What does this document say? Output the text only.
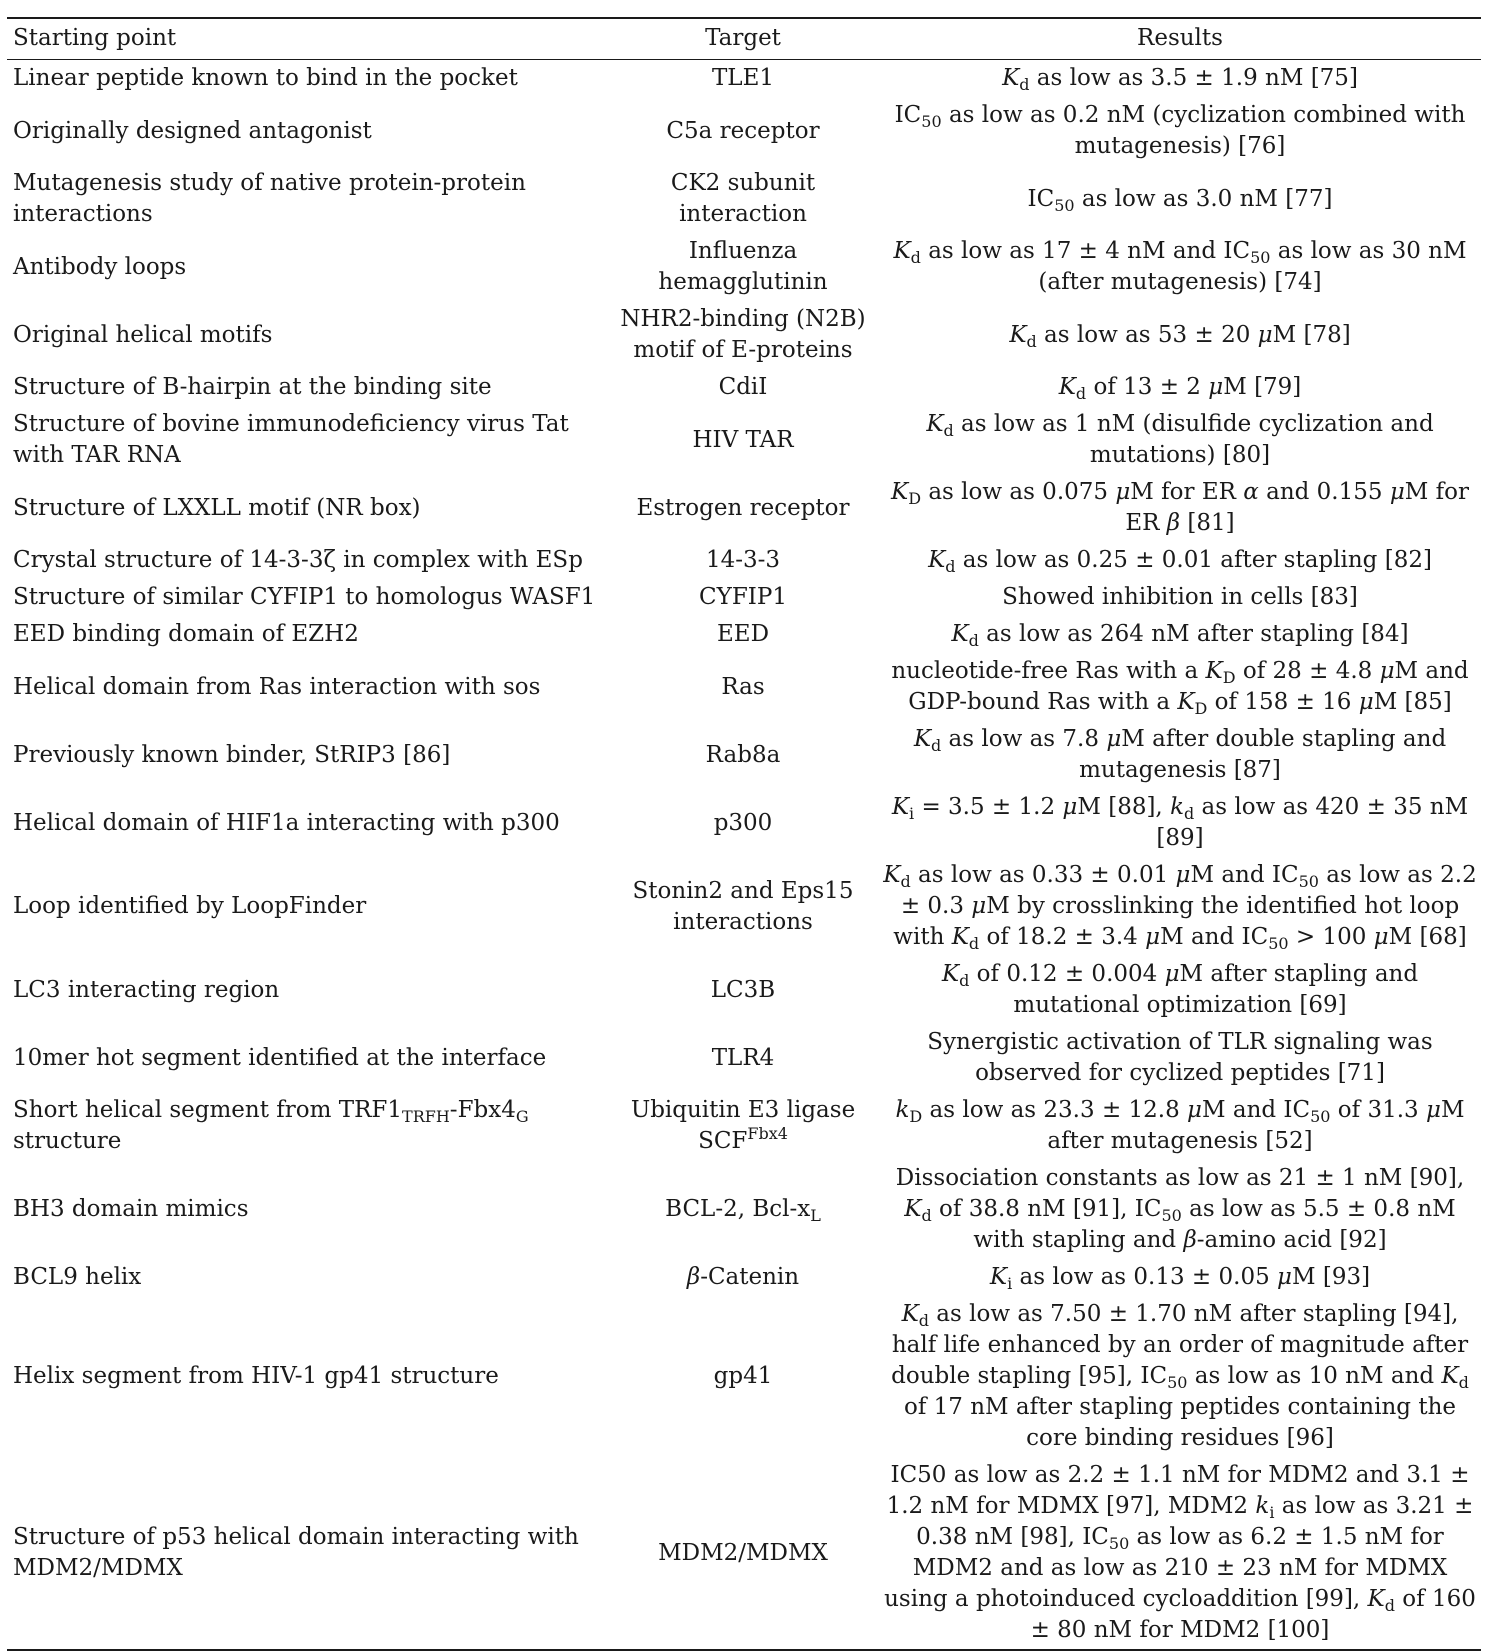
Starting point	Target	Results
Linear peptide known to bind in the pocket	TLE1	$K_d$ as low as 3.5 ± 1.9 nM [75]
Originally designed antagonist	C5a receptor	$IC_{50}$ as low as 0.2 nM (cyclization combined with mutagenesis) [76]
Mutagenesis study of native protein-protein interactions	CK2 subunit interaction	$IC_{50}$ as low as 3.0 nM [77]
Antibody loops	Influenza hemagglutinin	$K_d$ as low as 17 ± 4 nM and $IC_{50}$ as low as 30 nM (after mutagenesis) [74]
Original helical motifs	NHR2-binding (N2B) motif of E-proteins	$K_d$ as low as 53 ± 20 μM [78]
Structure of B-hairpin at the binding site	CdiI	$K_d$ of 13 ± 2 μM [79]
Structure of bovine immunodeficiency virus Tat with TAR RNA	HIV TAR	$K_d$ as low as 1 nM (disulfide cyclization and mutations) [80]
Structure of LXXLL motif (NR box)	Estrogen receptor	$K_D$ as low as 0.075 μM for ER α and 0.155 μM for ER β [81]
Crystal structure of 14-3-3ζ in complex with ESp	14-3-3	$K_d$ as low as 0.25 ± 0.01 after stapling [82]
Structure of similar CYFIP1 to homologus WASF1	CYFIP1	Showed inhibition in cells [83]
EED binding domain of EZH2	EED	$K_d$ as low as 264 nM after stapling [84]
Helical domain from Ras interaction with sos	Ras	nucleotide-free Ras with a $K_D$ of 28 ± 4.8 μM and GDP-bound Ras with a $K_D$ of 158 ± 16 μM [85]
Previously known binder, StRIP3 [86]	Rab8a	$K_d$ as low as 7.8 μM after double stapling and mutagenesis [87]
Helical domain of HIF1a interacting with p300	p300	$K_i = 3.5 \pm 1.2$ μM [88], $k_d$ as low as 420 ± 35 nM [89]
Loop identified by LoopFinder	Stonin2 and Eps15 interactions	$K_d$ as low as 0.33 ± 0.01 μM and $IC_{50}$ as low as 2.2 ± 0.3 μM by crosslinking the identified hot loop with $K_d$ of 18.2 ± 3.4 μM and $IC_{50} > 100$ μM [68]
LC3 interacting region	LC3B	$K_d$ of 0.12 ± 0.004 μM after stapling and mutational optimization [69]
10mer hot segment identified at the interface	TLR4	Synergistic activation of TLR signaling was observed for cyclized peptides [71]
Short helical segment from $TRF1_{TRFH}-Fbx4_G$ structure	Ubiquitin E3 ligase $SCF^{Fbx4}$	$k_D$ as low as 23.3 ± 12.8 μM and $IC_{50}$ of 31.3 μM after mutagenesis [52]
BH3 domain mimics	BCL-2, Bcl-$x_L$	Dissociation constants as low as 21 ± 1 nM [90], $K_d$ of 38.8 nM [91], $IC_{50}$ as low as 5.5 ± 0.8 nM with stapling and β-amino acid [92]
BCL9 helix	β-Catenin	$K_i$ as low as 0.13 ± 0.05 μM [93]
Helix segment from HIV-1 gp41 structure	gp41	$K_d$ as low as 7.50 ± 1.70 nM after stapling [94], half life enhanced by an order of magnitude after double stapling [95], $IC_{50}$ as low as 10 nM and $K_d$ of 17 nM after stapling peptides containing the core binding residues [96]
Structure of p53 helical domain interacting with MDM2/MDMX	MDM2/MDMX	IC50 as low as 2.2 ± 1.1 nM for MDM2 and 3.1 ± 1.2 nM for MDMX [97], MDM2 $k_i$ as low as 3.21 ± 0.38 nM [98], $IC_{50}$ as low as 6.2 ± 1.5 nM for MDM2 and as low as 210 ± 23 nM for MDMX using a photoinduced cycloaddition [99], $K_d$ of 160 ± 80 nM for MDM2 [100]
